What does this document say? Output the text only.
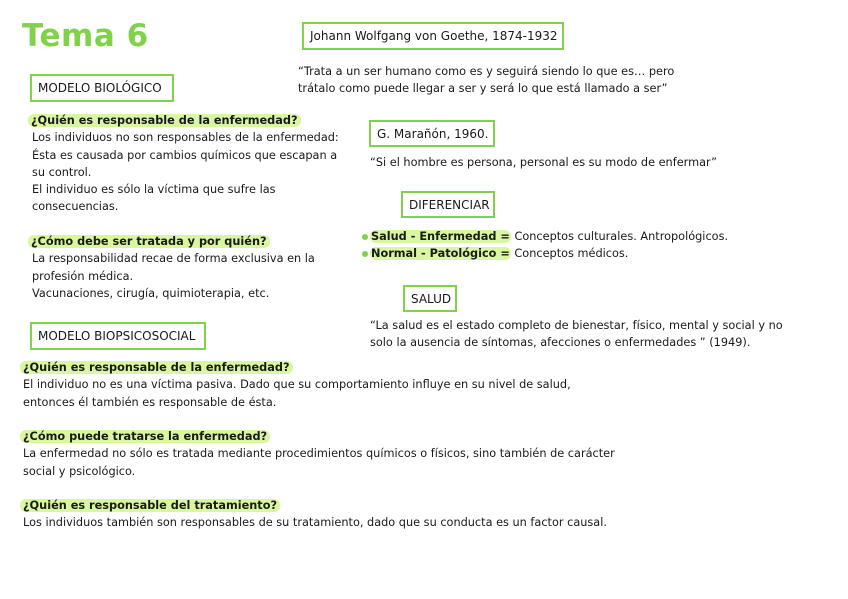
Tema 6	Johann Wolfgang von Goethe, 1874-1932
“Trata a un ser humano como es y seguirá siendo lo que es… pero
trátalo como puede llegar a ser y será lo que está llamado a ser”
MODELO BIOLÓGICO
¿Quién es responsable de la enfermedad?
Los individuos no son responsables de la enfermedad:
Ésta es causada por cambios químicos que escapan a
su control.
El individuo es sólo la víctima que sufre las
consecuencias.
¿Cómo debe ser tratada y por quién?
La responsabilidad recae de forma exclusiva en la
profesión médica.
Vacunaciones, cirugía, quimioterapia, etc.
G. Marañón, 1960.
“Si el hombre es persona, personal es su modo de enfermar”
DIFERENCIAR
Salud - Enfermedad = Conceptos culturales. Antropológicos.
Normal - Patológico = Conceptos médicos.
SALUD
“La salud es el estado completo de bienestar, físico, mental y social y no
solo la ausencia de síntomas, afecciones o enfermedades ” (1949).
MODELO BIOPSICOSOCIAL
¿Quién es responsable de la enfermedad?
El individuo no es una víctima pasiva. Dado que su comportamiento influye en su nivel de salud,
entonces él también es responsable de ésta.
¿Cómo puede tratarse la enfermedad?
La enfermedad no sólo es tratada mediante procedimientos químicos o físicos, sino también de carácter
social y psicológico.
¿Quién es responsable del tratamiento?
Los individuos también son responsables de su tratamiento, dado que su conducta es un factor causal.
